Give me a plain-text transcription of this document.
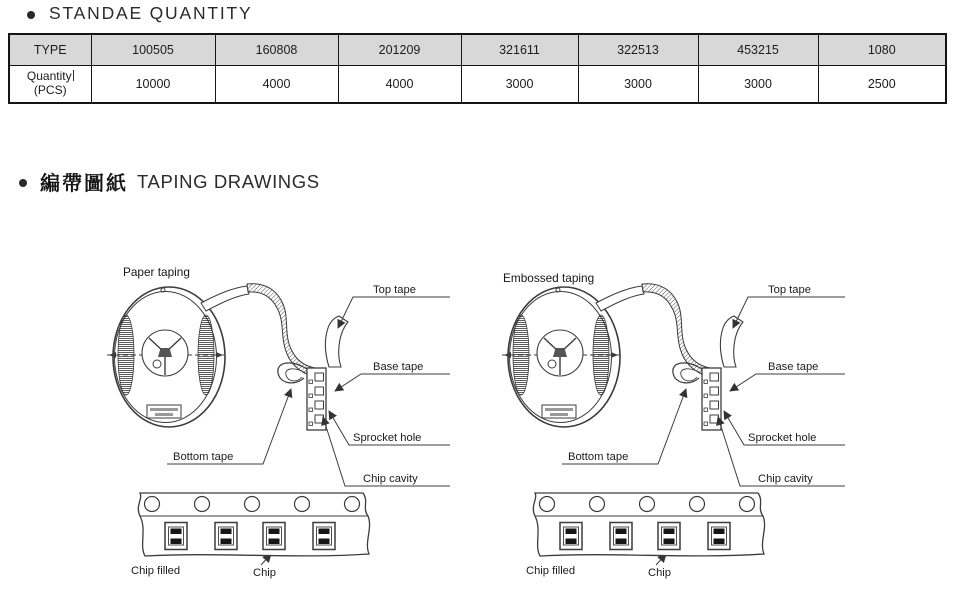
STANDAE QUANTITY
TYPE	100505	160808	201209	321611	322513	453215	1080

Quantity
(PCS)	10000	4000	4000	3000	3000	3000	2500
編帶圖紙 TAPING DRAWINGS
Paper taping
Top tape
Base tape
Sprocket hole
Chip cavity
Bottom tape
Chip filled	Chip
Embossed taping
Top tape
Base tape
Sprocket hole
Chip cavity
Bottom tape
Chip filled	Chip
